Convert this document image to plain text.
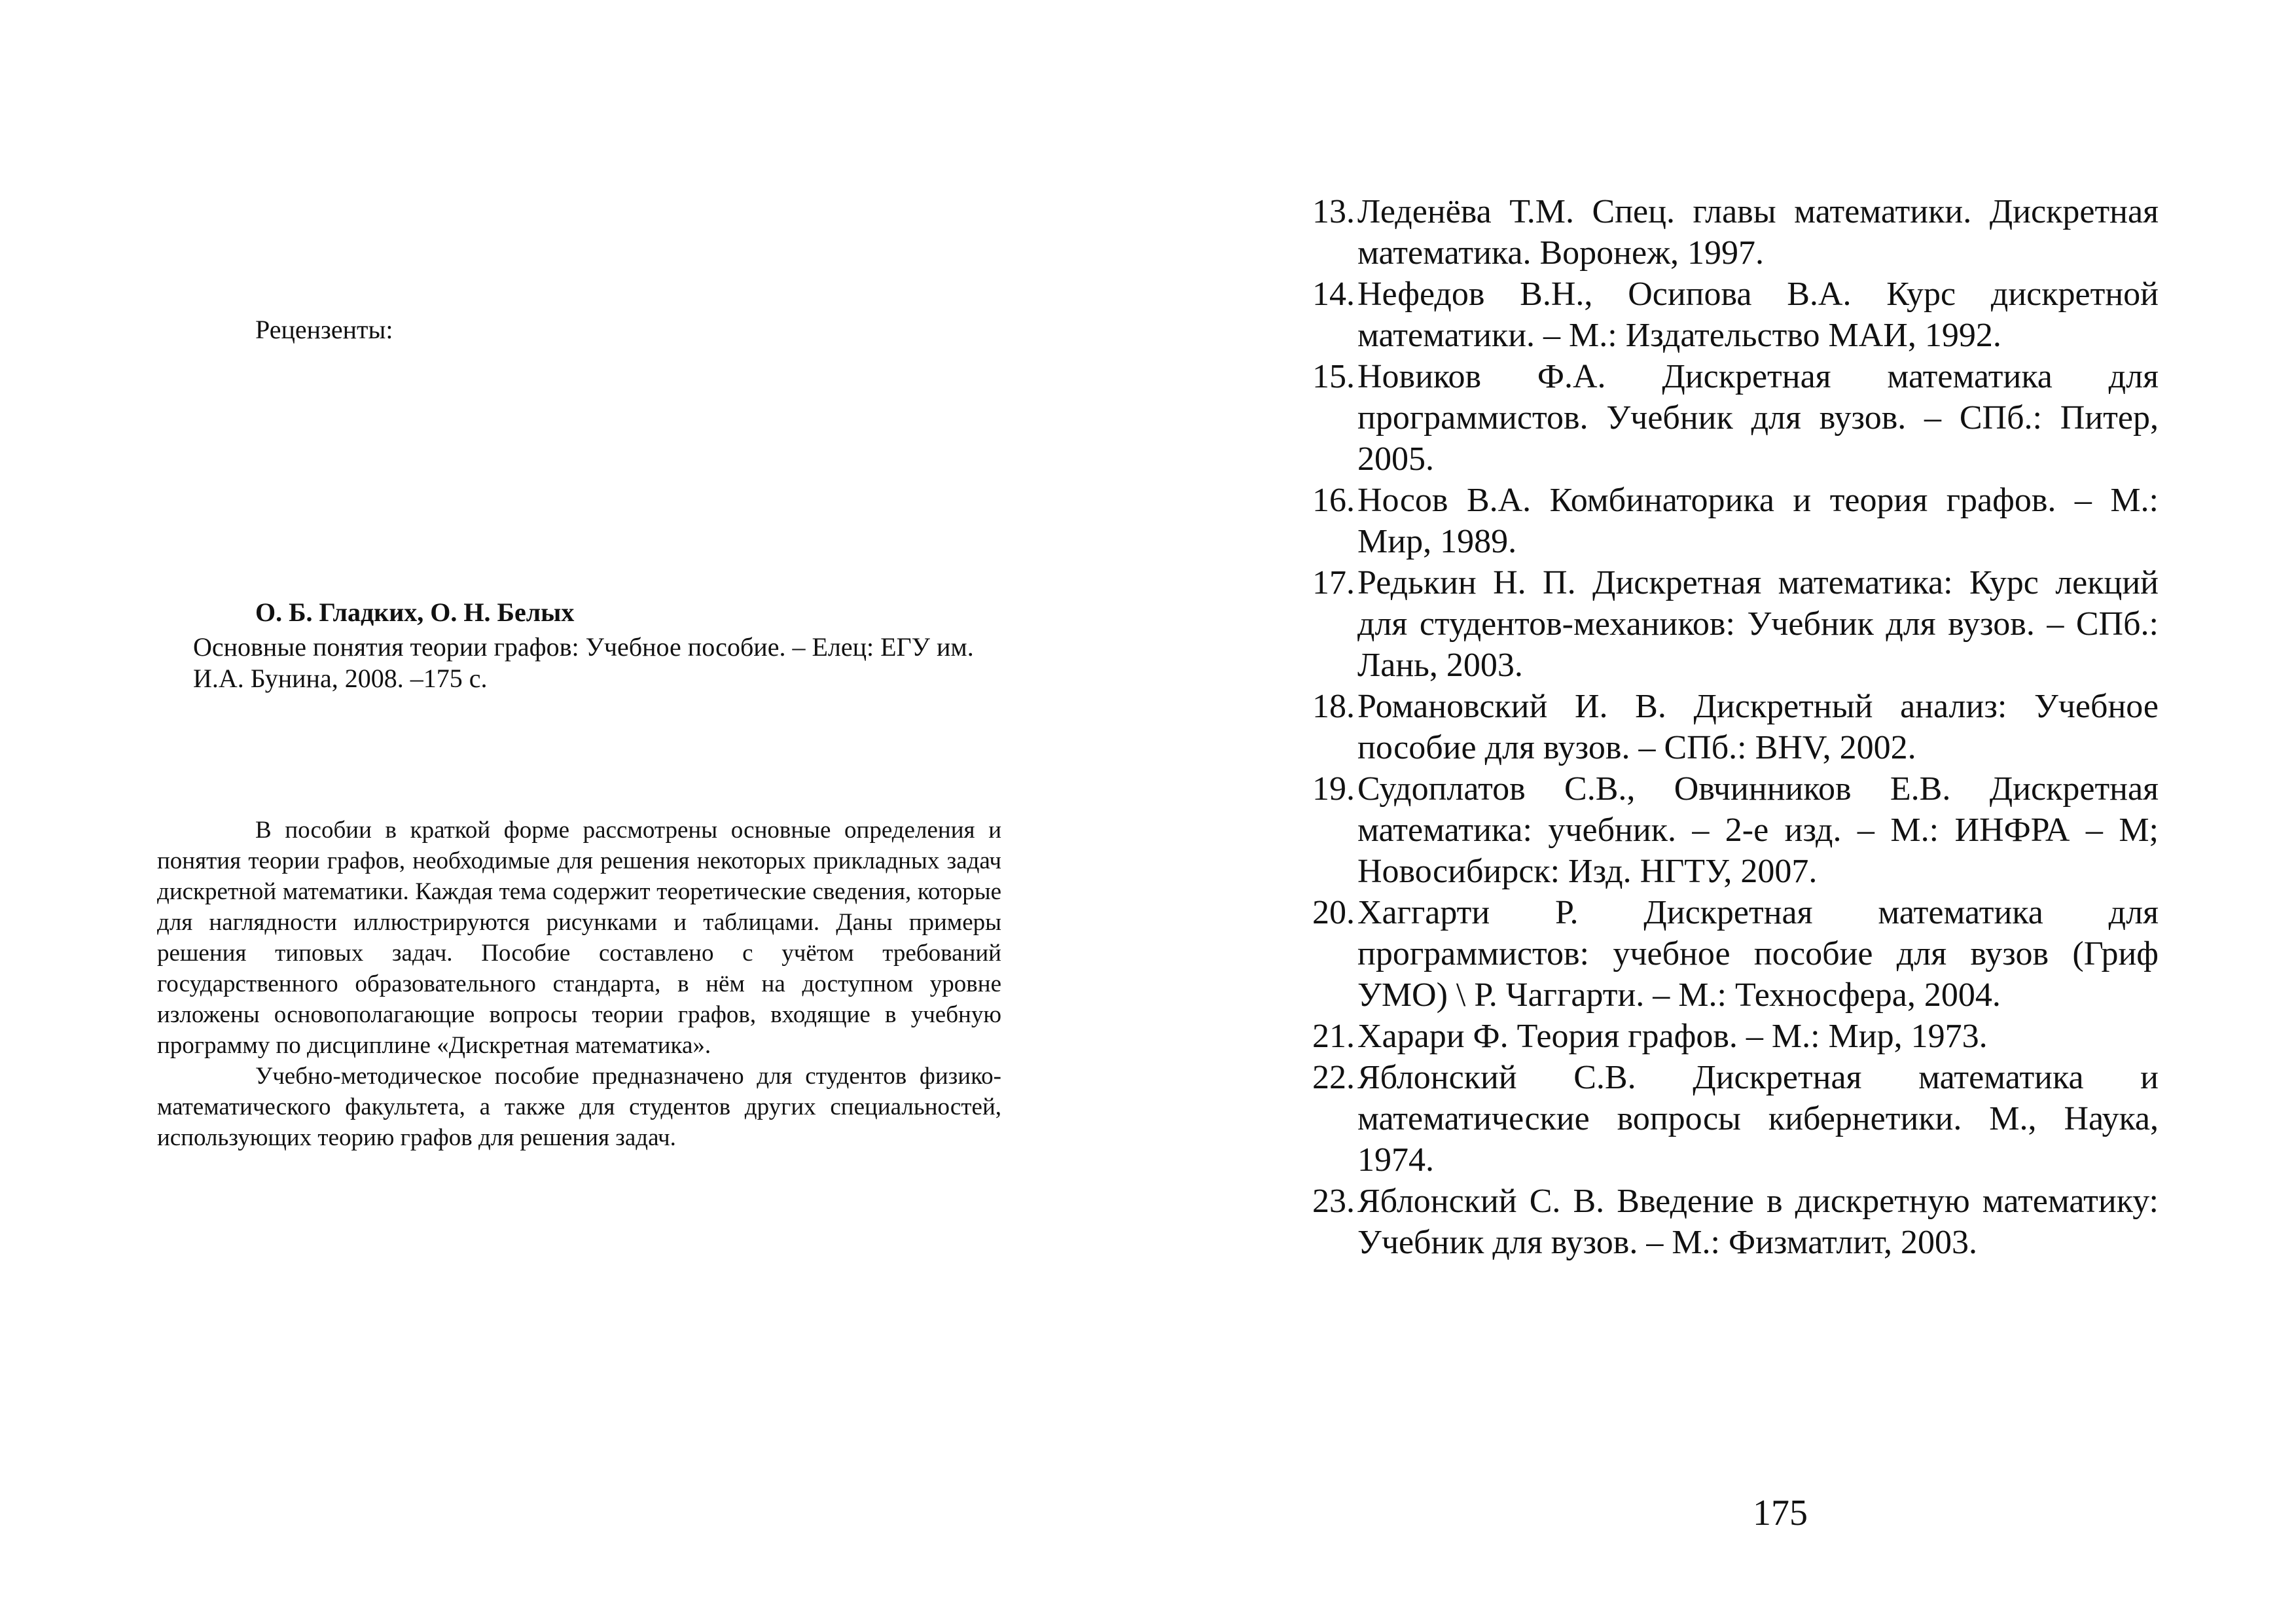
Рецензенты:

О. Б. Гладких, О. Н. Белых

Основные понятия теории графов: Учебное пособие. – Елец: ЕГУ им. И.А. Бунина, 2008. –175 с.

В пособии в краткой форме рассмотрены основные определения и понятия теории графов, необходимые для решения некоторых прикладных задач дискретной математики. Каждая тема содержит теоретические сведения, которые для наглядности иллюстрируются рисунками и таблицами. Даны примеры решения типовых задач. Пособие составлено с учётом требований государственного образовательного стандарта, в нём на доступном уровне изложены основополагающие вопросы теории графов, входящие в учебную программу по дисциплине «Дискретная математика».

Учебно-методическое пособие предназначено для студентов физико-математического факультета, а также для студентов других специальностей, использующих теорию графов для решения задач.

13. Леденёва Т.М. Спец. главы математики. Дискретная математика. Воронеж, 1997.
14. Нефедов В.Н., Осипова В.А. Курс дискретной математики. – М.: Издательство МАИ, 1992.
15. Новиков Ф.А. Дискретная математика для программистов. Учебник для вузов. – СПб.: Питер, 2005.
16. Носов В.А. Комбинаторика и теория графов. – М.: Мир, 1989.
17. Редькин Н. П. Дискретная математика: Курс лекций для студентов-механиков: Учебник для вузов. – СПб.: Лань, 2003.
18. Романовский И. В. Дискретный анализ: Учебное пособие для вузов. – СПб.: BHV, 2002.
19. Судоплатов С.В., Овчинников Е.В. Дискретная математика: учебник. – 2-е изд. – М.: ИНФРА – М; Новосибирск: Изд. НГТУ, 2007.
20. Хаггарти Р. Дискретная математика для программистов: учебное пособие для вузов (Гриф УМО) \ Р. Чаггарти. – М.: Техносфера, 2004.
21. Харари Ф. Теория графов. – М.: Мир, 1973.
22. Яблонский С.В. Дискретная математика и математические вопросы кибернетики. М., Наука, 1974.
23. Яблонский С. В. Введение в дискретную математику: Учебник для вузов. – М.: Физматлит, 2003.

175
